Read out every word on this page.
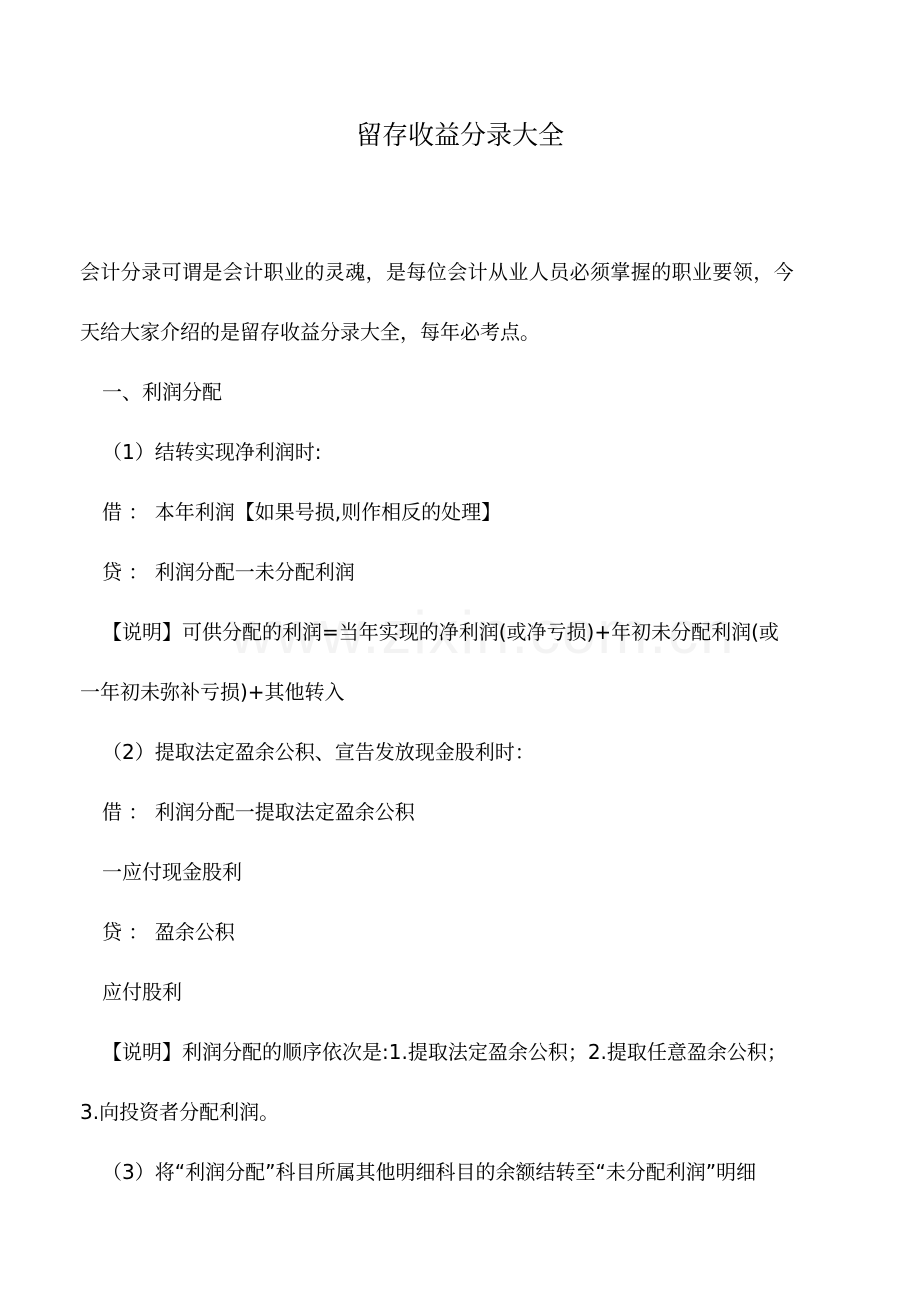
留存收益分录大全
会计分录可谓是会计职业的灵魂，是每位会计从业人员必须掌握的职业要领，今
天给大家介绍的是留存收益分录大全，每年必考点。
一、利润分配
（1）结转实现净利润时:
借 ： 本年利润【如果号损,则作相反的处理】
贷 ： 利润分配一未分配利润
【说明】可供分配的利润=当年实现的净利润(或净亏损)+年初未分配利润(或
一年初未弥补亏损)+其他转入
（2）提取法定盈余公积、宣告发放现金股利时：
借 ： 利润分配一提取法定盈余公积
一应付现金股利
贷 ： 盈余公积
应付股利
【说明】利润分配的顺序依次是:1.提取法定盈余公积；2.提取任意盈余公积；
3.向投资者分配利润。
（3）将“利润分配”科目所属其他明细科目的余额结转至“未分配利润”明细
